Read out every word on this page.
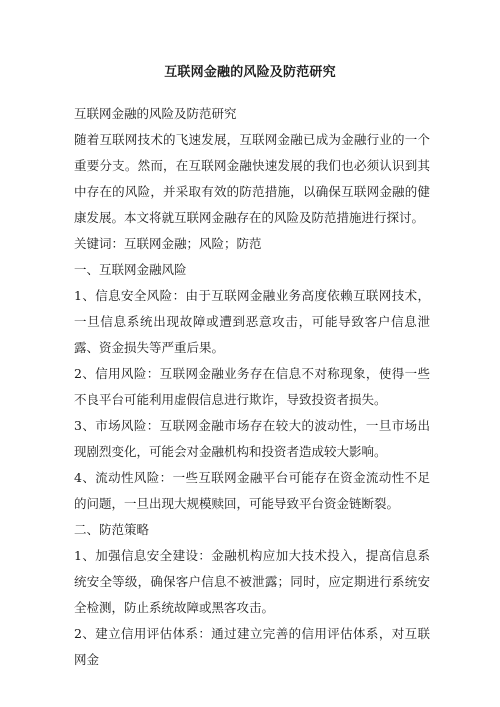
互联网金融的风险及防范研究

互联网金融的风险及防范研究

随着互联网技术的飞速发展，互联网金融已成为金融行业的一个重要分支。然而，在互联网金融快速发展的我们也必须认识到其中存在的风险，并采取有效的防范措施，以确保互联网金融的健康发展。本文将就互联网金融存在的风险及防范措施进行探讨。

关键词：互联网金融；风险；防范

一、互联网金融风险

1、信息安全风险：由于互联网金融业务高度依赖互联网技术，一旦信息系统出现故障或遭到恶意攻击，可能导致客户信息泄露、资金损失等严重后果。

2、信用风险：互联网金融业务存在信息不对称现象，使得一些不良平台可能利用虚假信息进行欺诈，导致投资者损失。

3、市场风险：互联网金融市场存在较大的波动性，一旦市场出现剧烈变化，可能会对金融机构和投资者造成较大影响。

4、流动性风险：一些互联网金融平台可能存在资金流动性不足的问题，一旦出现大规模赎回，可能导致平台资金链断裂。

二、防范策略

1、加强信息安全建设：金融机构应加大技术投入，提高信息系统安全等级，确保客户信息不被泄露；同时，应定期进行系统安全检测，防止系统故障或黑客攻击。

2、建立信用评估体系：通过建立完善的信用评估体系，对互联网金
